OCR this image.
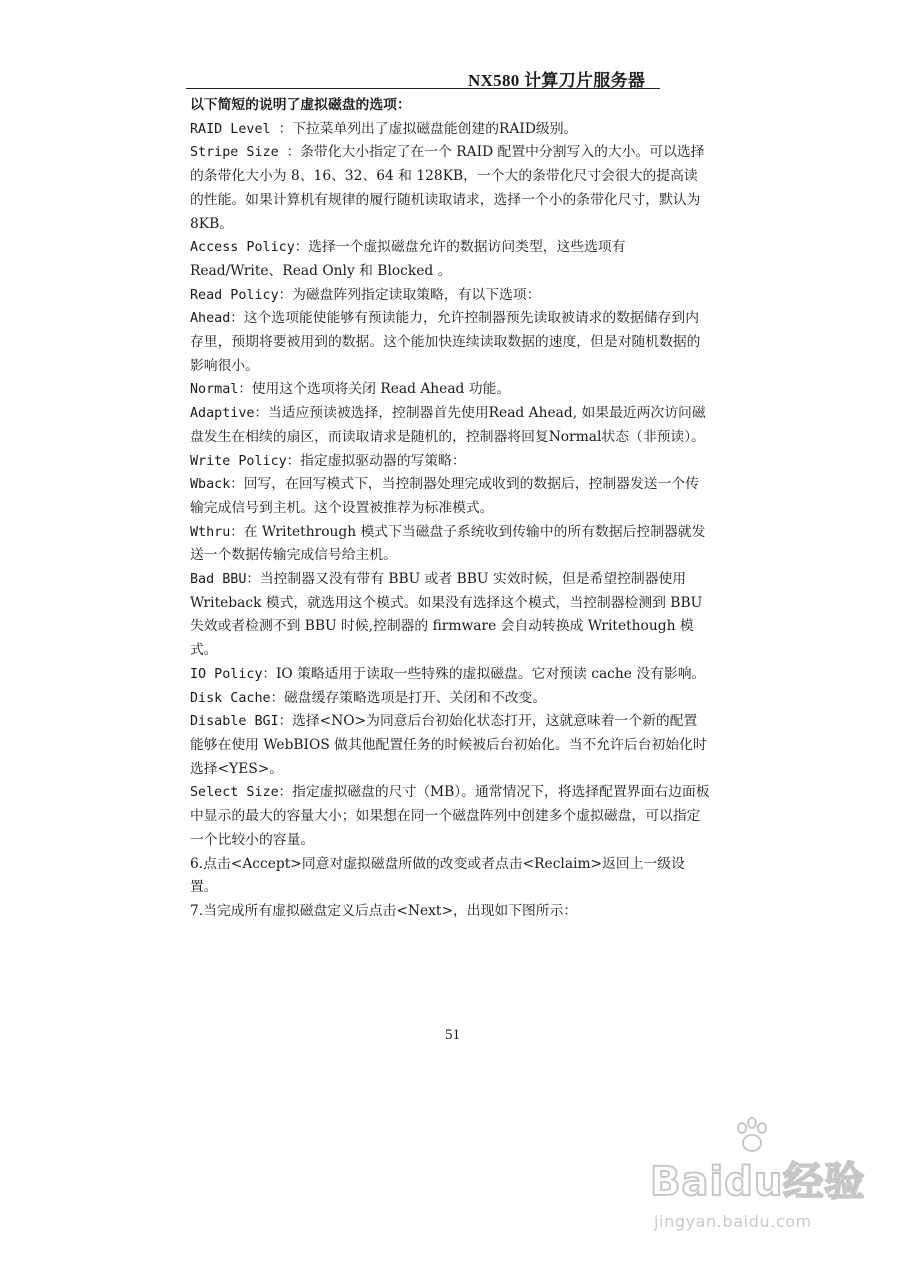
NX580 计算刀片服务器

以下简短的说明了虚拟磁盘的选项：

RAID Level ：下拉菜单列出了虚拟磁盘能创建的RAID级别。

Stripe Size ：条带化大小指定了在一个 RAID 配置中分割写入的大小。可以选择的条带化大小为 8、16、32、64 和 128KB，一个大的条带化尺寸会很大的提高读的性能。如果计算机有规律的履行随机读取请求，选择一个小的条带化尺寸，默认为 8KB。

Access Policy：选择一个虚拟磁盘允许的数据访问类型，这些选项有 Read/Write、Read Only 和 Blocked 。

Read Policy：为磁盘阵列指定读取策略，有以下选项：

Ahead：这个选项能使能够有预读能力，允许控制器预先读取被请求的数据储存到内存里，预期将要被用到的数据。这个能加快连续读取数据的速度，但是对随机数据的影响很小。

Normal：使用这个选项将关闭 Read Ahead 功能。

Adaptive：当适应预读被选择，控制器首先使用Read Ahead, 如果最近两次访问磁盘发生在相续的扇区，而读取请求是随机的，控制器将回复Normal状态（非预读）。

Write Policy：指定虚拟驱动器的写策略：

Wback：回写，在回写模式下，当控制器处理完成收到的数据后，控制器发送一个传输完成信号到主机。这个设置被推荐为标准模式。

Wthru：在 Writethrough 模式下当磁盘子系统收到传输中的所有数据后控制器就发送一个数据传输完成信号给主机。

Bad BBU：当控制器又没有带有 BBU 或者 BBU 实效时候，但是希望控制器使用 Writeback 模式，就选用这个模式。如果没有选择这个模式，当控制器检测到 BBU 失效或者检测不到 BBU 时候,控制器的 firmware 会自动转换成 Writethough 模式。

IO Policy：IO 策略适用于读取一些特殊的虚拟磁盘。它对预读 cache 没有影响。

Disk Cache：磁盘缓存策略选项是打开、关闭和不改变。

Disable BGI：选择<NO>为同意后台初始化状态打开，这就意味着一个新的配置能够在使用 WebBIOS 做其他配置任务的时候被后台初始化。当不允许后台初始化时选择<YES>。

Select Size：指定虚拟磁盘的尺寸（MB）。通常情况下，将选择配置界面右边面板中显示的最大的容量大小；如果想在同一个磁盘阵列中创建多个虚拟磁盘，可以指定一个比较小的容量。

6.点击<Accept>同意对虚拟磁盘所做的改变或者点击<Reclaim>返回上一级设置。

7.当完成所有虚拟磁盘定义后点击<Next>，出现如下图所示：

51
Baidu经验
jingyan.baidu.com
